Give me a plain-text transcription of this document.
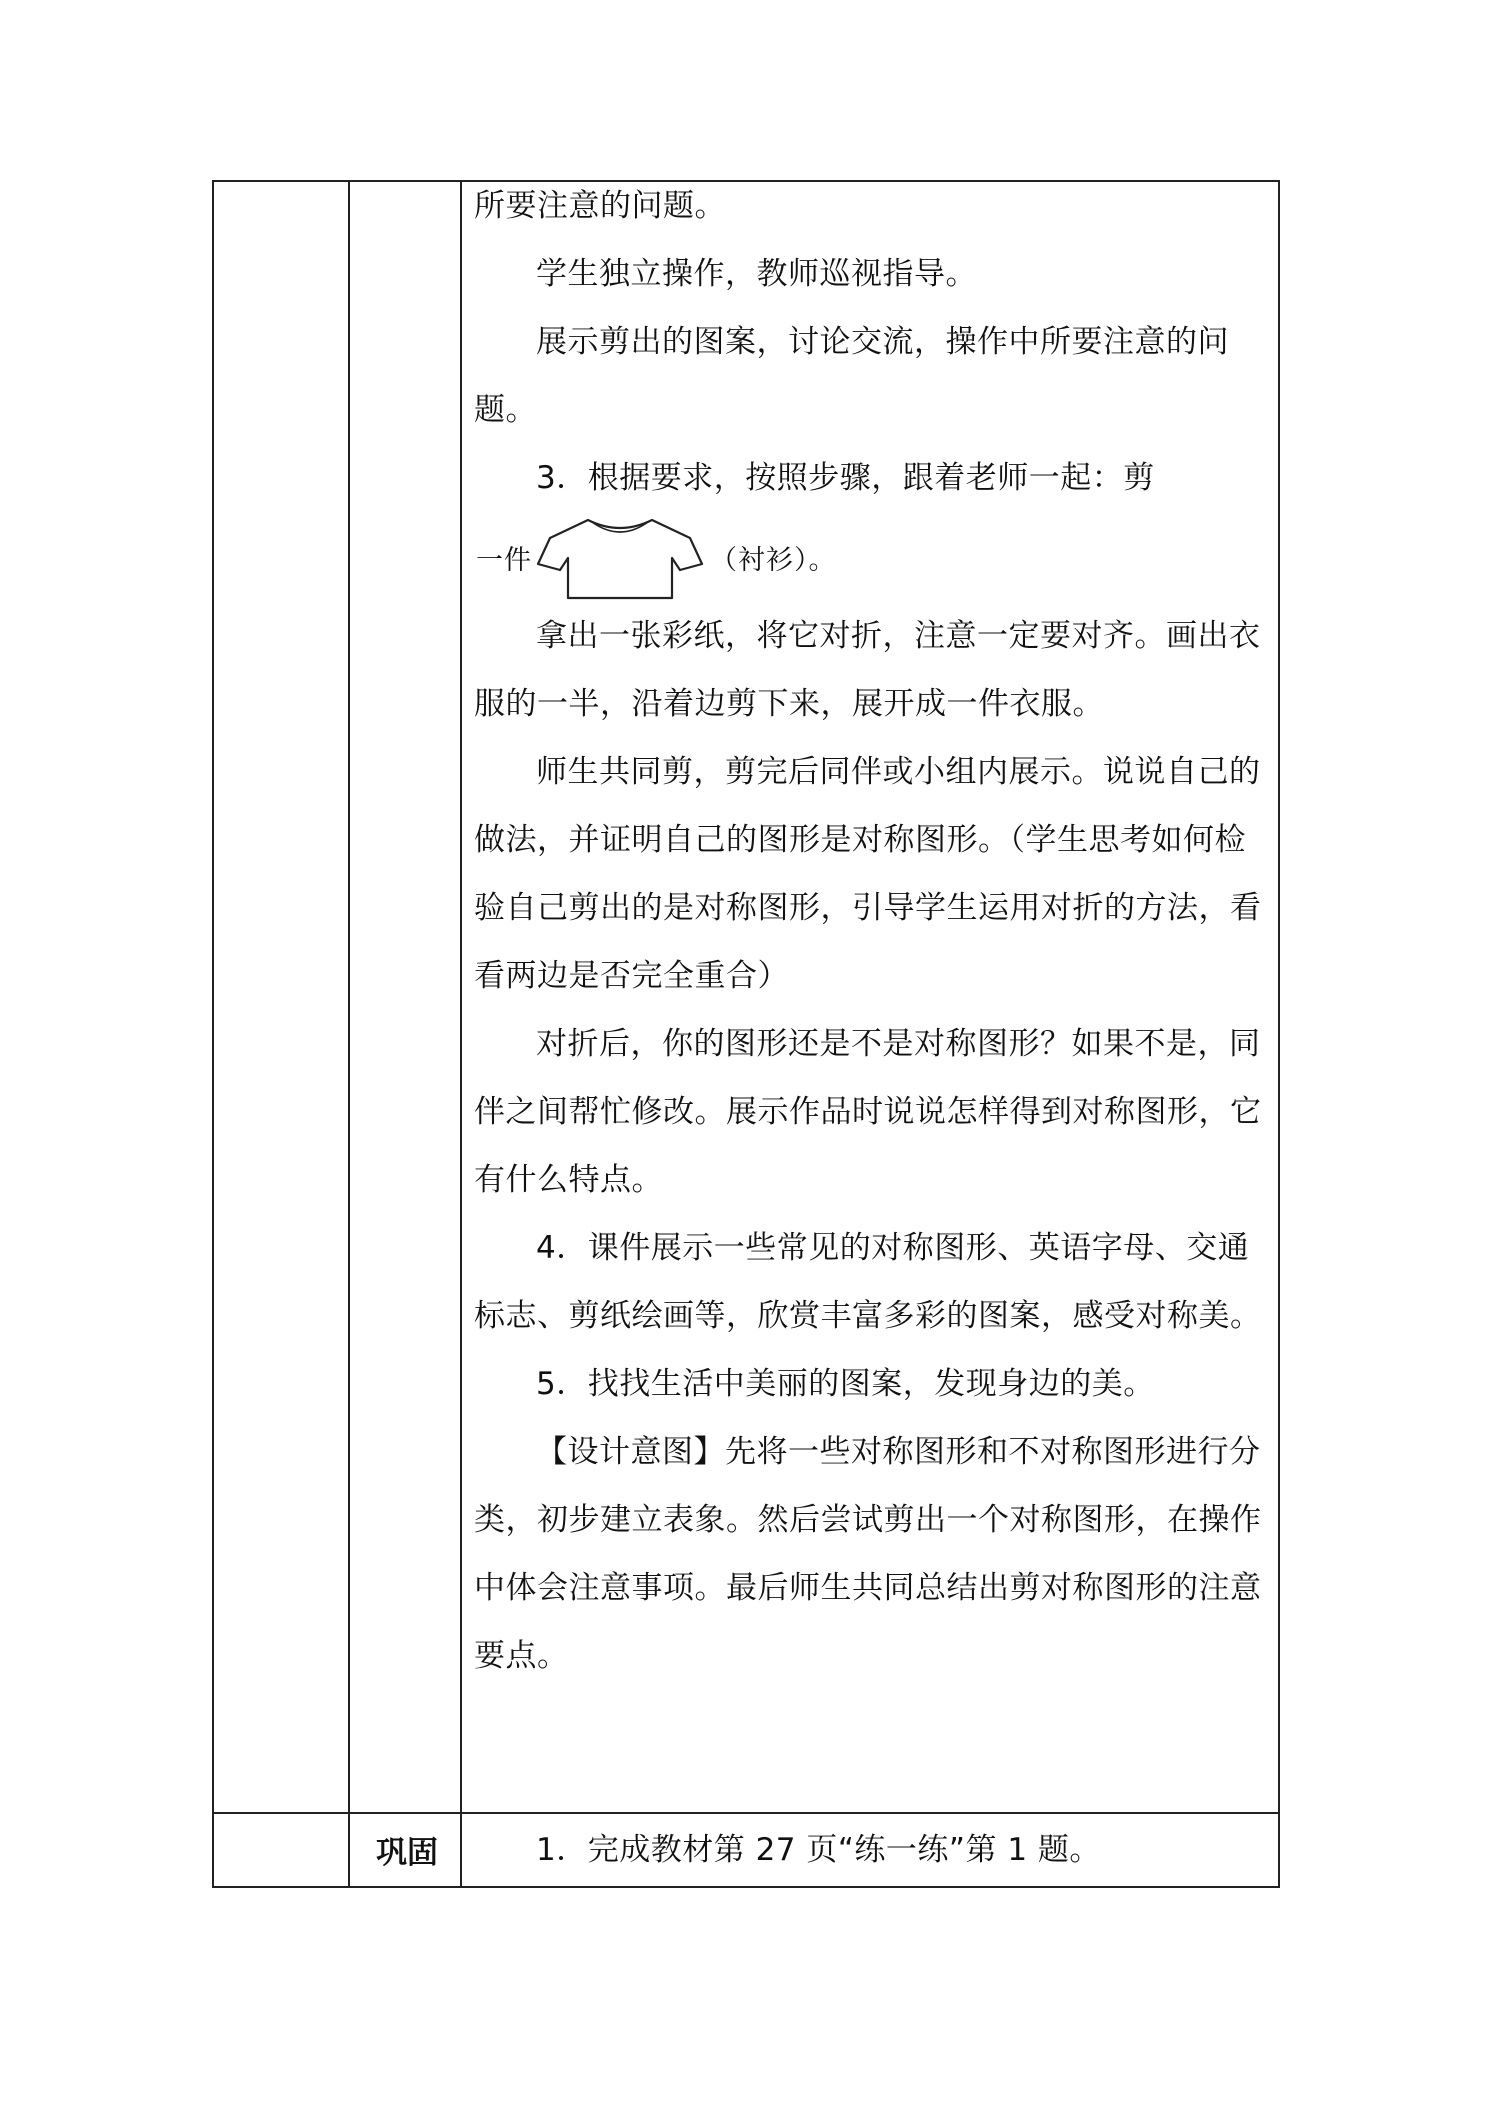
所要注意的问题。

学生独立操作，教师巡视指导。

展示剪出的图案，讨论交流，操作中所要注意的问题。

3．根据要求，按照步骤，跟着老师一起：剪

一件	（衬衫）。

拿出一张彩纸，将它对折，注意一定要对齐。画出衣服的一半，沿着边剪下来，展开成一件衣服。

师生共同剪，剪完后同伴或小组内展示。说说自己的做法，并证明自己的图形是对称图形。（学生思考如何检验自己剪出的是对称图形，引导学生运用对折的方法，看看两边是否完全重合）

对折后，你的图形还是不是对称图形？如果不是，同伴之间帮忙修改。展示作品时说说怎样得到对称图形，它有什么特点。

4．课件展示一些常见的对称图形、英语字母、交通标志、剪纸绘画等，欣赏丰富多彩的图案，感受对称美。

5．找找生活中美丽的图案，发现身边的美。

【设计意图】先将一些对称图形和不对称图形进行分类，初步建立表象。然后尝试剪出一个对称图形，在操作中体会注意事项。最后师生共同总结出剪对称图形的注意要点。

巩固	1．完成教材第 27 页“练一练”第 1 题。
